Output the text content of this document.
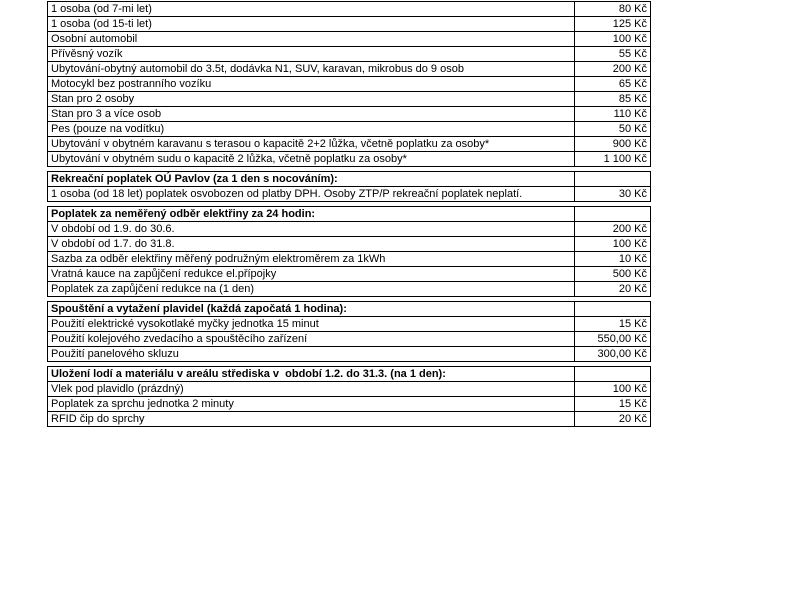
1 osoba (od 7-mi let)	80 Kč
1 osoba (od 15-ti let)	125 Kč
Osobní automobil	100 Kč
Přívěsný vozík	55 Kč
Ubytování-obytný automobil do 3.5t, dodávka N1, SUV, karavan, mikrobus do 9 osob	200 Kč
Motocykl bez postranního vozíku	65 Kč
Stan pro 2 osoby	85 Kč
Stan pro 3 a více osob	110 Kč
Pes (pouze na vodítku)	50 Kč
Ubytování v obytném karavanu s terasou o kapacitě 2+2 lůžka, včetně poplatku za osoby*	900 Kč
Ubytování v obytném sudu o kapacitě 2 lůžka, včetně poplatku za osoby*	1 100 Kč
Rekreační poplatek OÚ Pavlov (za 1 den s nocováním):	
1 osoba (od 18 let) poplatek osvobozen od platby DPH. Osoby ZTP/P rekreační poplatek neplatí.	30 Kč
Poplatek za neměřený odběr elektřiny za 24 hodin:	
V období od 1.9. do 30.6.	200 Kč
V období od 1.7. do 31.8.	100 Kč
Sazba za odběr elektřiny měřený podružným elektroměrem za 1kWh	10 Kč
Vratná kauce na zapůjčení redukce el.přípojky	500 Kč
Poplatek za zapůjčení redukce na (1 den)	20 Kč
Spouštění a vytažení plavidel (každá započatá 1 hodina):	
Použití elektrické vysokotlaké myčky jednotka 15 minut	15 Kč
Použití kolejového zvedacího a spouštěcího zařízení	550,00 Kč
Použití panelového skluzu	300,00 Kč
Uložení lodí a materiálu v areálu střediska v  období 1.2. do 31.3. (na 1 den):	
Vlek pod plavidlo (prázdný)	100 Kč
Poplatek za sprchu jednotka 2 minuty	15 Kč
RFID čip do sprchy	20 Kč
